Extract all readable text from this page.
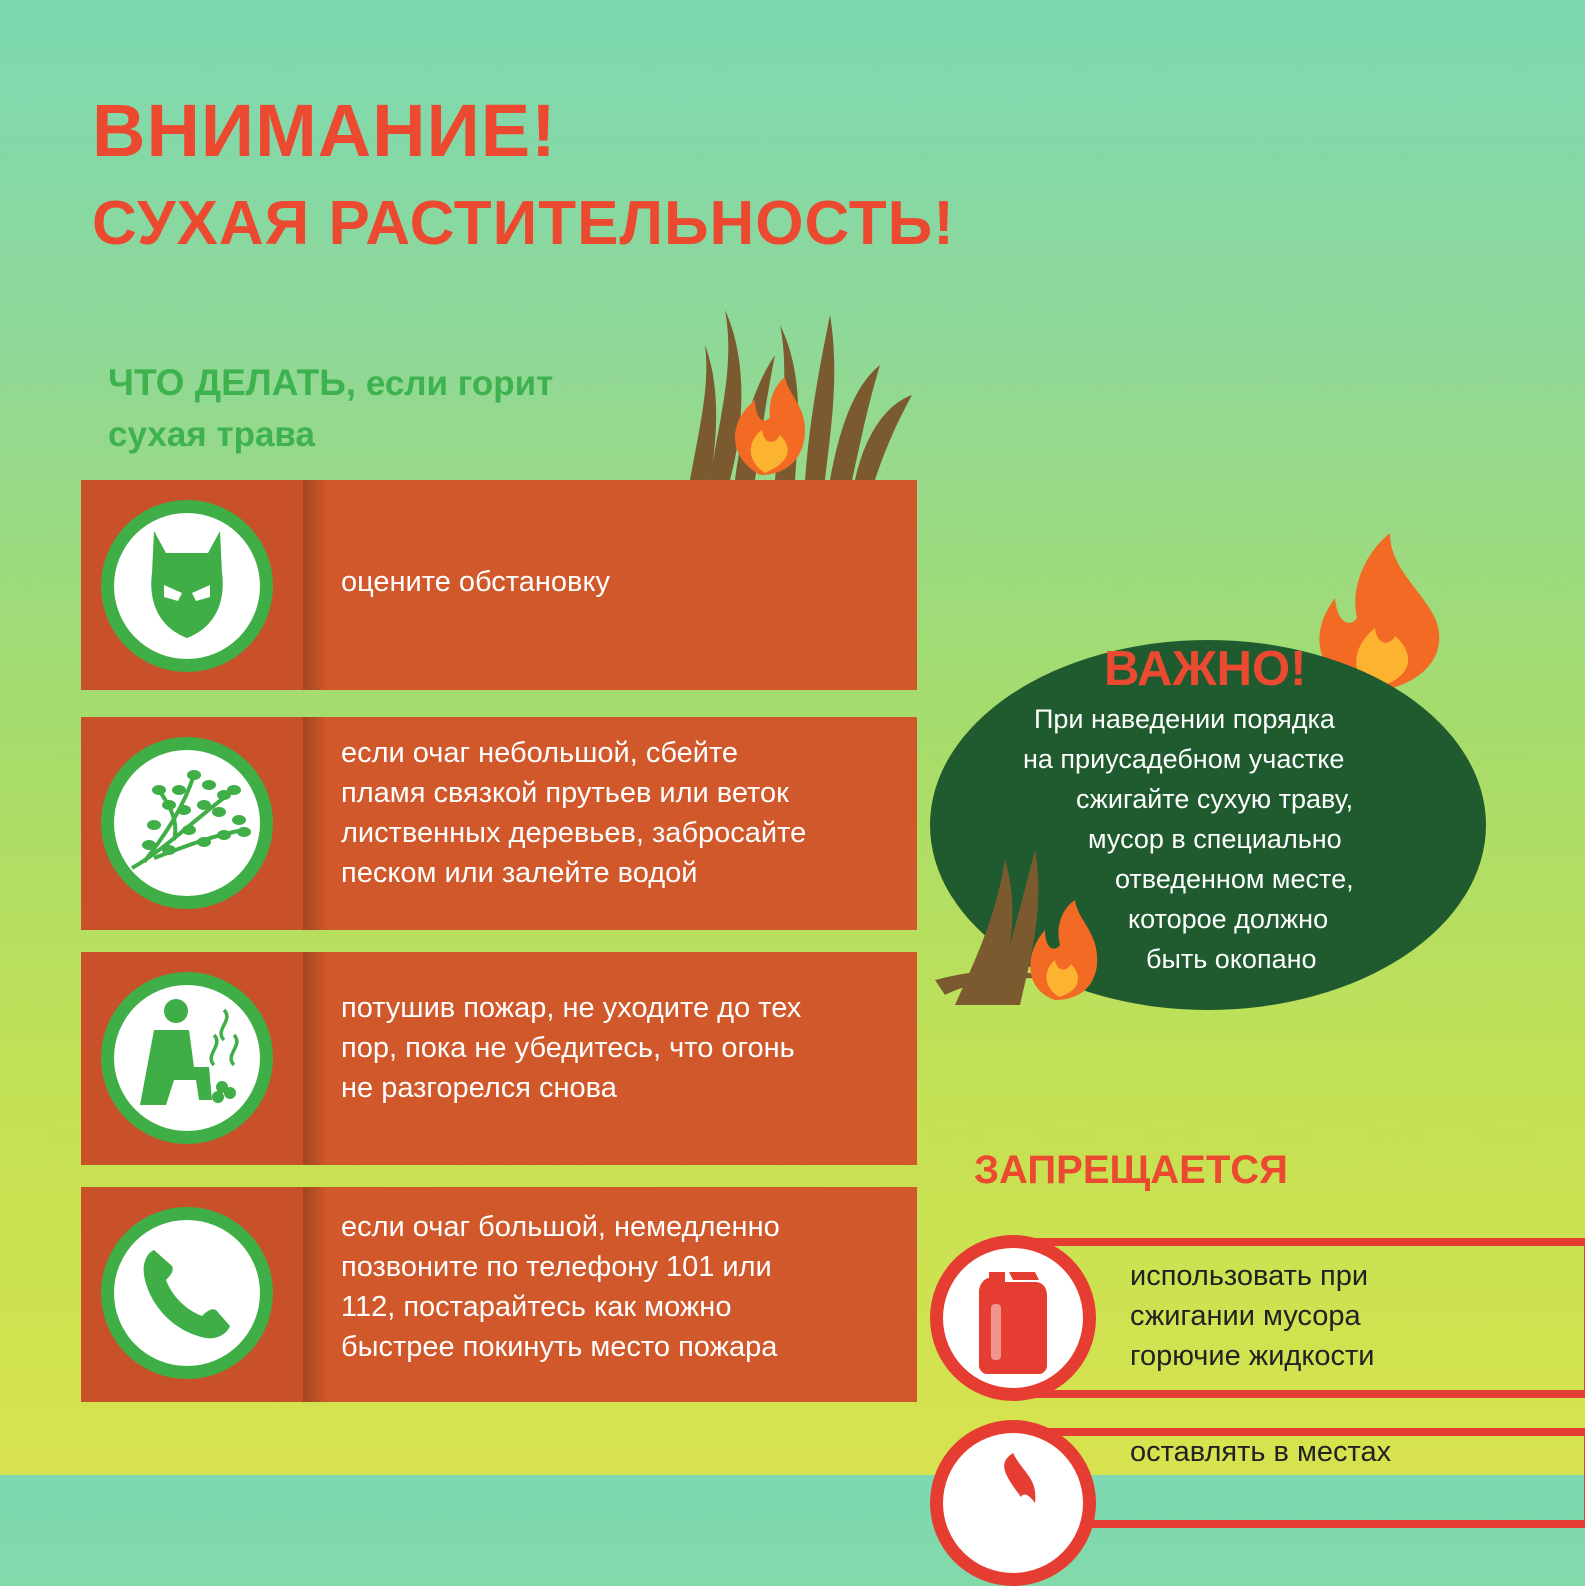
ВНИМАНИЕ!
СУХАЯ РАСТИТЕЛЬНОСТЬ!
ЧТО ДЕЛАТЬ, если горит
сухая трава

оцените обстановку

если очаг небольшой, сбейте
пламя связкой прутьев или веток
лиственных деревьев, забросайте
песком или залейте водой

потушив пожар, не уходите до тех
пор, пока не убедитесь, что огонь
не разгорелся снова

если очаг большой, немедленно
позвоните по телефону 101 или
112, постарайтесь как можно
быстрее покинуть место пожара

ВАЖНО!

При наведении порядка

на приусадебном участке

сжигайте сухую траву,

мусор в специально

отведенном месте,

которое должно

быть окопано

ЗАПРЕЩАЕТСЯ

использовать при
сжигании мусора
горючие жидкости

оставлять в местах
